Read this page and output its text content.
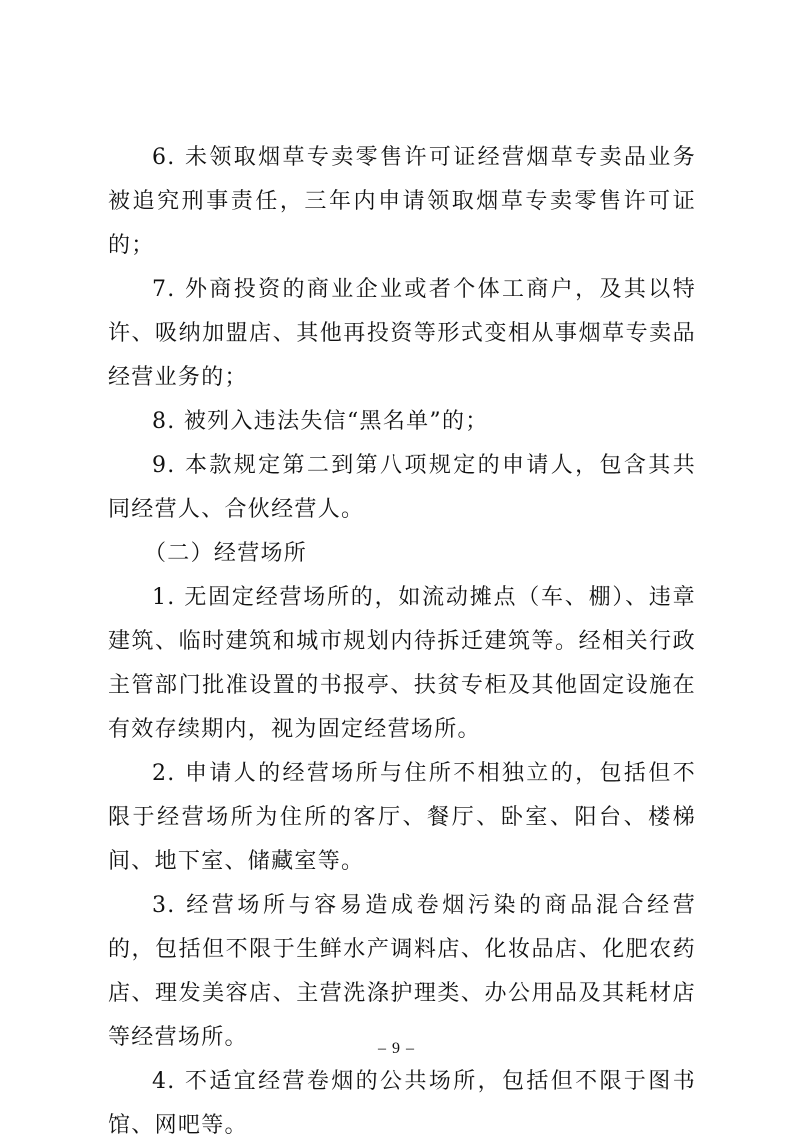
6. 未领取烟草专卖零售许可证经营烟草专卖品业务被追究刑事责任，三年内申请领取烟草专卖零售许可证的；

7. 外商投资的商业企业或者个体工商户，及其以特许、吸纳加盟店、其他再投资等形式变相从事烟草专卖品经营业务的；

8. 被列入违法失信“黑名单”的；

9. 本款规定第二到第八项规定的申请人，包含其共同经营人、合伙经营人。

（二）经营场所

1. 无固定经营场所的，如流动摊点（车、棚）、违章建筑、临时建筑和城市规划内待拆迁建筑等。经相关行政主管部门批准设置的书报亭、扶贫专柜及其他固定设施在有效存续期内，视为固定经营场所。

2. 申请人的经营场所与住所不相独立的，包括但不限于经营场所为住所的客厅、餐厅、卧室、阳台、楼梯间、地下室、储藏室等。

3. 经营场所与容易造成卷烟污染的商品混合经营的，包括但不限于生鲜水产调料店、化妆品店、化肥农药店、理发美容店、主营洗涤护理类、办公用品及其耗材店等经营场所。

4. 不适宜经营卷烟的公共场所，包括但不限于图书馆、网吧等。

– 9 –
